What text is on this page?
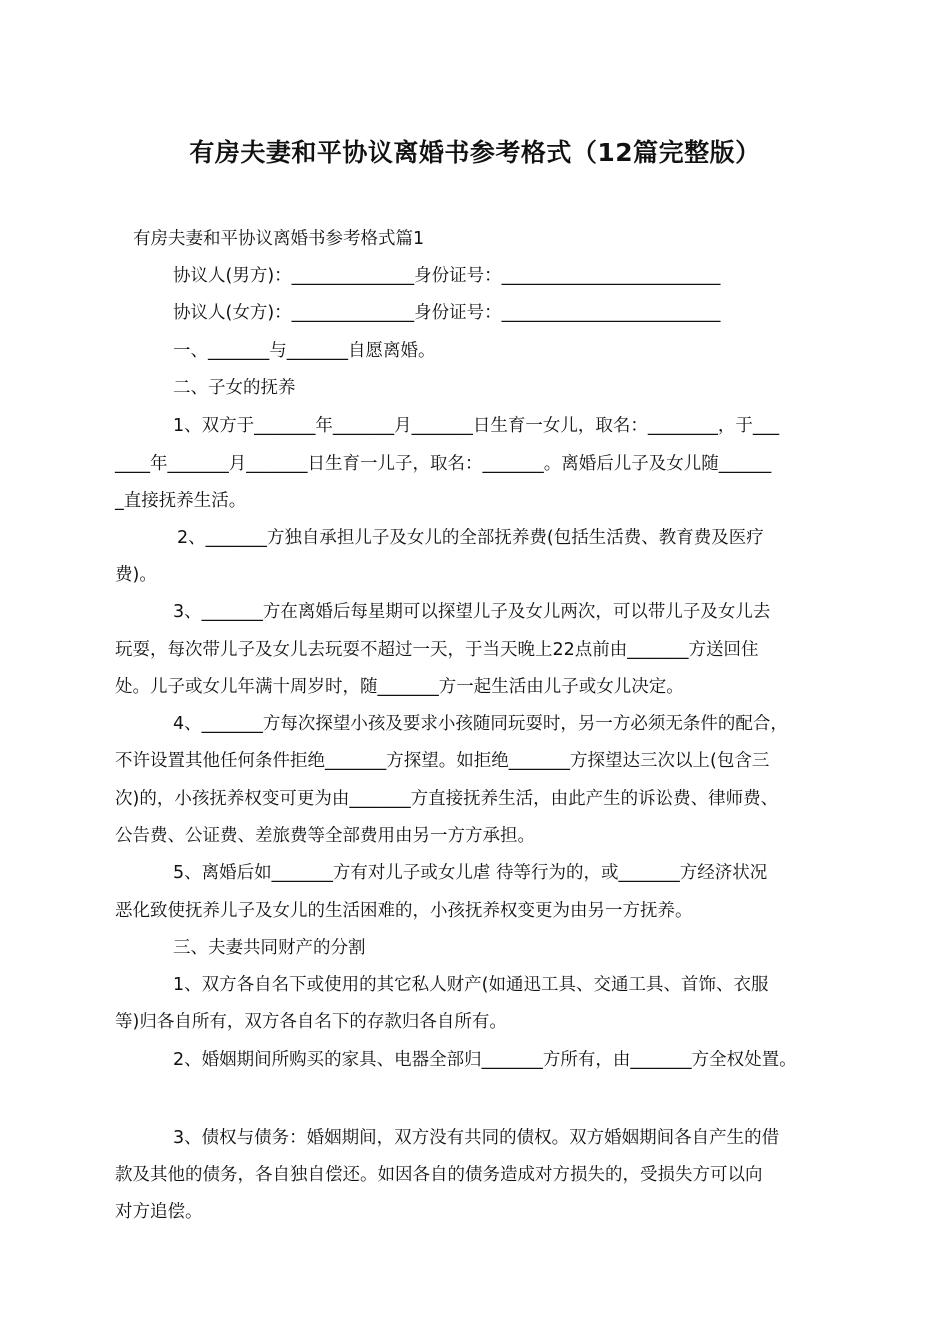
有房夫妻和平协议离婚书参考格式（12篇完整版）
有房夫妻和平协议离婚书参考格式篇1
协议人(男方)：______________身份证号：_________________________
协议人(女方)：______________身份证号：_________________________
一、_______与_______自愿离婚。
二、子女的抚养
1、双方于_______年_______月_______日生育一女儿，取名：________，于___
____年_______月_______日生育一儿子，取名：_______。离婚后儿子及女儿随______
_直接抚养生活。
2、_______方独自承担儿子及女儿的全部抚养费(包括生活费、教育费及医疗
费)。
3、_______方在离婚后每星期可以探望儿子及女儿两次，可以带儿子及女儿去
玩耍，每次带儿子及女儿去玩耍不超过一天，于当天晚上22点前由_______方送回住
处。儿子或女儿年满十周岁时，随_______方一起生活由儿子或女儿决定。
4、_______方每次探望小孩及要求小孩随同玩耍时，另一方必须无条件的配合，
不许设置其他任何条件拒绝_______方探望。如拒绝_______方探望达三次以上(包含三
次)的，小孩抚养权变可更为由_______方直接抚养生活，由此产生的诉讼费、律师费、
公告费、公证费、差旅费等全部费用由另一方方承担。
5、离婚后如_______方有对儿子或女儿虐 待等行为的，或_______方经济状况
恶化致使抚养儿子及女儿的生活困难的，小孩抚养权变更为由另一方抚养。
三、夫妻共同财产的分割
1、双方各自名下或使用的其它私人财产(如通迅工具、交通工具、首饰、衣服
等)归各自所有，双方各自名下的存款归各自所有。
2、婚姻期间所购买的家具、电器全部归_______方所有，由_______方全权处置。
3、债权与债务：婚姻期间，双方没有共同的债权。双方婚姻期间各自产生的借
款及其他的债务，各自独自偿还。如因各自的债务造成对方损失的，受损失方可以向
对方追偿。
